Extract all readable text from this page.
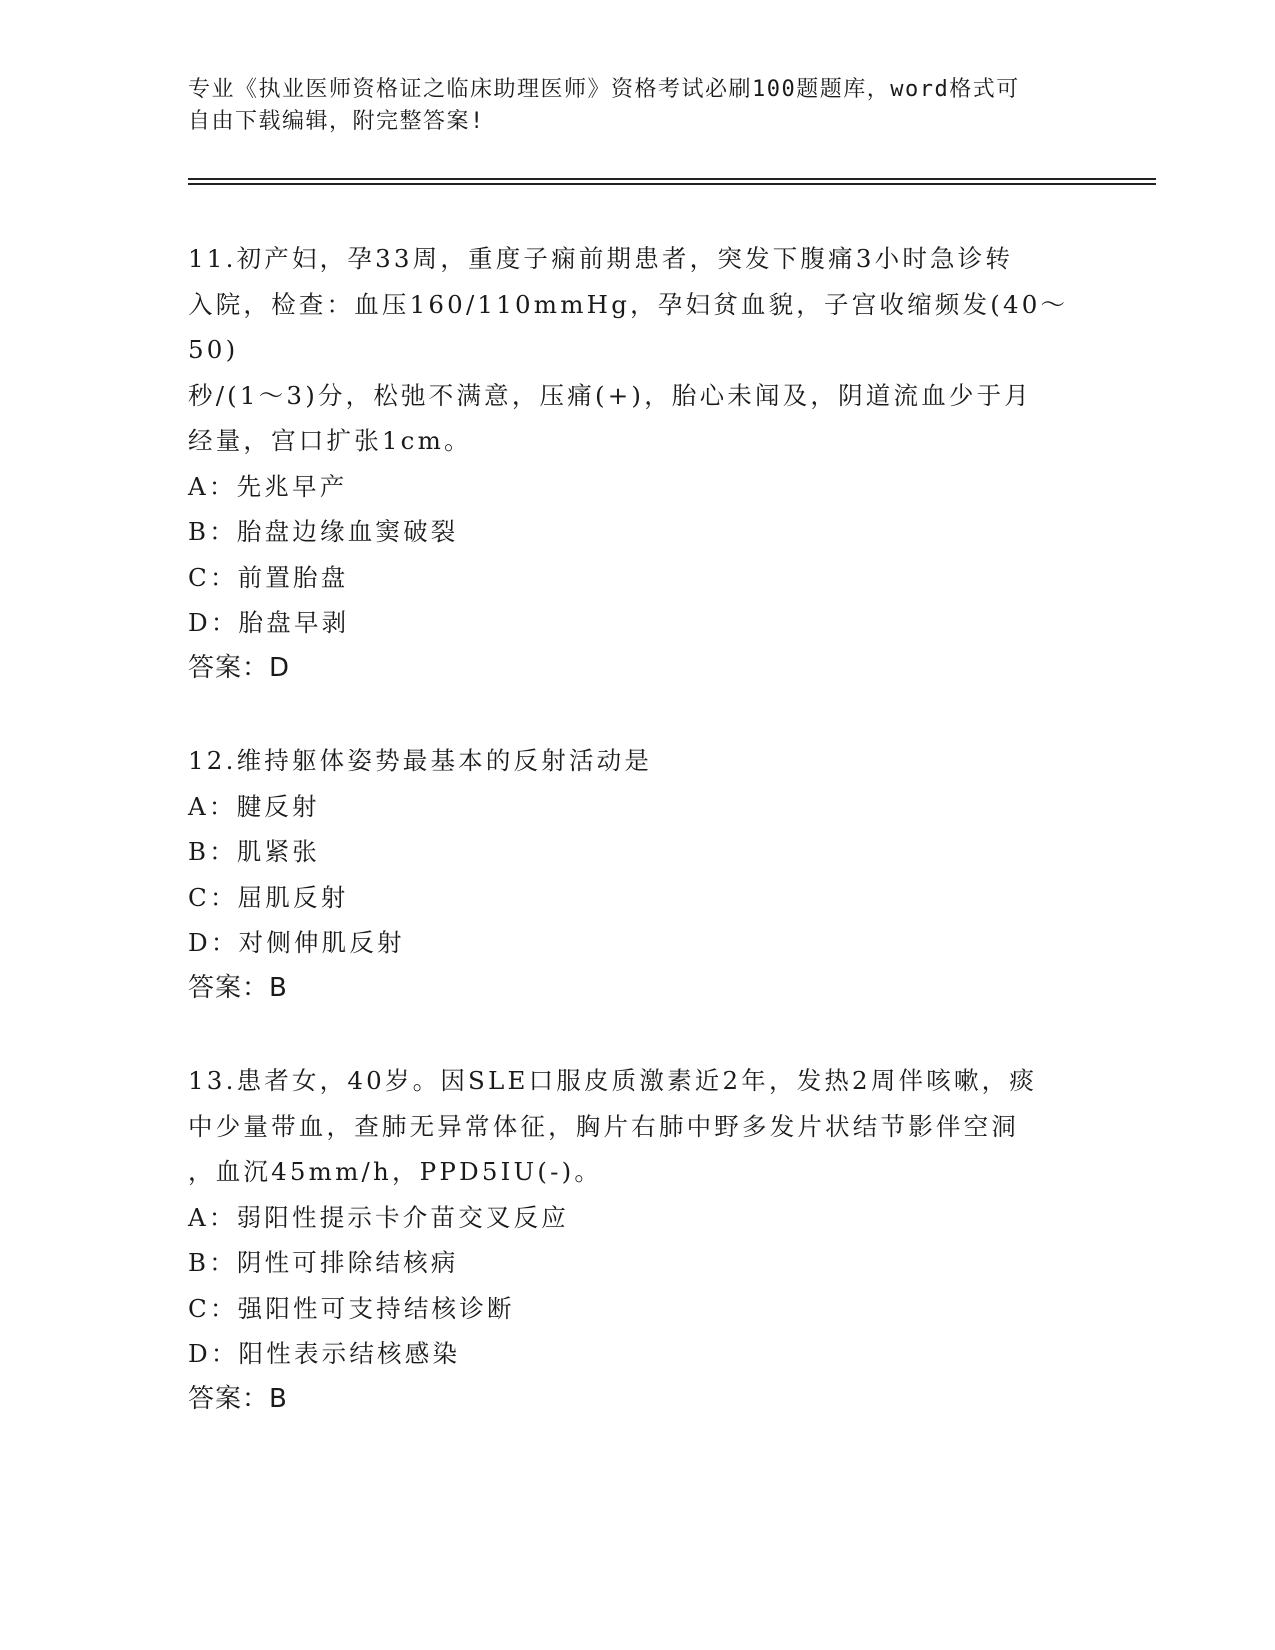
专业《执业医师资格证之临床助理医师》资格考试必刷100题题库，word格式可
自由下载编辑，附完整答案!
11.初产妇，孕33周，重度子痫前期患者，突发下腹痛3小时急诊转
入院，检查：血压160/110mmHg，孕妇贫血貌，子宫收缩频发(40～50)
秒/(1～3)分，松弛不满意，压痛(+)，胎心未闻及，阴道流血少于月
经量，宫口扩张1cm。
A：先兆早产
B：胎盘边缘血窦破裂
C：前置胎盘
D：胎盘早剥
答案：D
12.维持躯体姿势最基本的反射活动是
A：腱反射
B：肌紧张
C：屈肌反射
D：对侧伸肌反射
答案：B
13.患者女，40岁。因SLE口服皮质激素近2年，发热2周伴咳嗽，痰
中少量带血，查肺无异常体征，胸片右肺中野多发片状结节影伴空洞
，血沉45mm/h，PPD5IU(-)。
A：弱阳性提示卡介苗交叉反应
B：阴性可排除结核病
C：强阳性可支持结核诊断
D：阳性表示结核感染
答案：B
